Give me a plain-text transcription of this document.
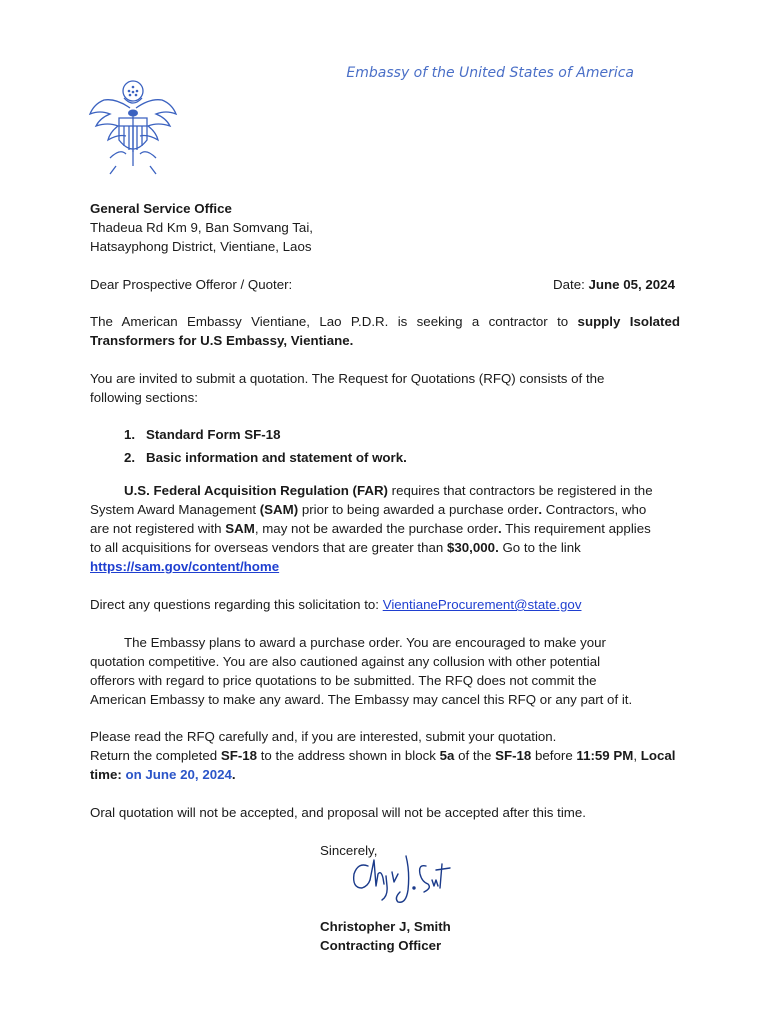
Embassy of the United States of America
General Service Office
Thadeua Rd Km 9, Ban Somvang Tai,
Hatsayphong District, Vientiane, Laos
Dear Prospective Offeror / Quoter:	Date: June 05, 2024
The American Embassy Vientiane, Lao P.D.R. is seeking a contractor to supply Isolated
Transformers for U.S Embassy, Vientiane.
You are invited to submit a quotation. The Request for Quotations (RFQ) consists of the
following sections:
1. Standard Form SF-18
2. Basic information and statement of work.
U.S. Federal Acquisition Regulation (FAR) requires that contractors be registered in the
System Award Management (SAM) prior to being awarded a purchase order. Contractors, who
are not registered with SAM, may not be awarded the purchase order. This requirement applies
to all acquisitions for overseas vendors that are greater than $30,000. Go to the link
https://sam.gov/content/home
Direct any questions regarding this solicitation to: VientianeProcurement@state.gov
The Embassy plans to award a purchase order. You are encouraged to make your
quotation competitive. You are also cautioned against any collusion with other potential
offerors with regard to price quotations to be submitted. The RFQ does not commit the
American Embassy to make any award. The Embassy may cancel this RFQ or any part of it.
Please read the RFQ carefully and, if you are interested, submit your quotation.
Return the completed SF-18 to the address shown in block 5a of the SF-18 before 11:59 PM, Local
time: on June 20, 2024.
Oral quotation will not be accepted, and proposal will not be accepted after this time.
Sincerely,
Christopher J, Smith
Contracting Officer
